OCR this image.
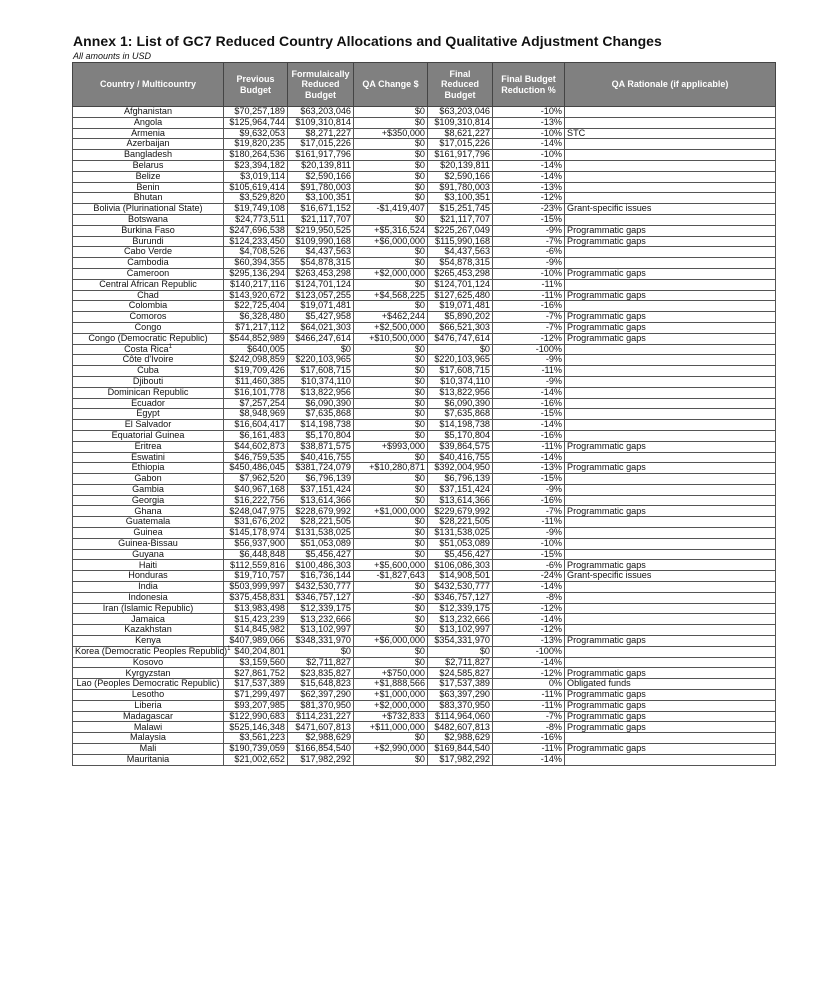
Annex 1: List of GC7 Reduced Country Allocations and Qualitative Adjustment Changes
All amounts in USD
Country / Multicountry	Previous Budget	Formulaically Reduced Budget	QA Change $	Final Reduced Budget	Final Budget Reduction %	QA Rationale (if applicable)
Afghanistan	$70,257,189	$63,203,046	$0	$63,203,046	-10%	
Angola	$125,964,744	$109,310,814	$0	$109,310,814	-13%	
Armenia	$9,632,053	$8,271,227	+$350,000	$8,621,227	-10%	STC
Azerbaijan	$19,820,235	$17,015,226	$0	$17,015,226	-14%	
Bangladesh	$180,264,536	$161,917,796	$0	$161,917,796	-10%	
Belarus	$23,394,182	$20,139,811	$0	$20,139,811	-14%	
Belize	$3,019,114	$2,590,166	$0	$2,590,166	-14%	
Benin	$105,619,414	$91,780,003	$0	$91,780,003	-13%	
Bhutan	$3,529,820	$3,100,351	$0	$3,100,351	-12%	
Bolivia (Plurinational State)	$19,749,108	$16,671,152	-$1,419,407	$15,251,745	-23%	Grant-specific issues
Botswana	$24,773,511	$21,117,707	$0	$21,117,707	-15%	
Burkina Faso	$247,696,538	$219,950,525	+$5,316,524	$225,267,049	-9%	Programmatic gaps
Burundi	$124,233,450	$109,990,168	+$6,000,000	$115,990,168	-7%	Programmatic gaps
Cabo Verde	$4,708,526	$4,437,563	$0	$4,437,563	-6%	
Cambodia	$60,394,355	$54,878,315	$0	$54,878,315	-9%	
Cameroon	$295,136,294	$263,453,298	+$2,000,000	$265,453,298	-10%	Programmatic gaps
Central African Republic	$140,217,116	$124,701,124	$0	$124,701,124	-11%	
Chad	$143,920,672	$123,057,255	+$4,568,225	$127,625,480	-11%	Programmatic gaps
Colombia	$22,725,404	$19,071,481	$0	$19,071,481	-16%	
Comoros	$6,328,480	$5,427,958	+$462,244	$5,890,202	-7%	Programmatic gaps
Congo	$71,217,112	$64,021,303	+$2,500,000	$66,521,303	-7%	Programmatic gaps
Congo (Democratic Republic)	$544,852,989	$466,247,614	+$10,500,000	$476,747,614	-12%	Programmatic gaps
Costa Rica$^1$	$640,005	$0	$0	$0	-100%	
Côte d'Ivoire	$242,098,859	$220,103,965	$0	$220,103,965	-9%	
Cuba	$19,709,426	$17,608,715	$0	$17,608,715	-11%	
Djibouti	$11,460,385	$10,374,110	$0	$10,374,110	-9%	
Dominican Republic	$16,101,778	$13,822,956	$0	$13,822,956	-14%	
Ecuador	$7,257,254	$6,090,390	$0	$6,090,390	-16%	
Egypt	$8,948,969	$7,635,868	$0	$7,635,868	-15%	
El Salvador	$16,604,417	$14,198,738	$0	$14,198,738	-14%	
Equatorial Guinea	$6,161,483	$5,170,804	$0	$5,170,804	-16%	
Eritrea	$44,602,873	$38,871,575	+$993,000	$39,864,575	-11%	Programmatic gaps
Eswatini	$46,759,535	$40,416,755	$0	$40,416,755	-14%	
Ethiopia	$450,486,045	$381,724,079	+$10,280,871	$392,004,950	-13%	Programmatic gaps
Gabon	$7,962,520	$6,796,139	$0	$6,796,139	-15%	
Gambia	$40,967,168	$37,151,424	$0	$37,151,424	-9%	
Georgia	$16,222,756	$13,614,366	$0	$13,614,366	-16%	
Ghana	$248,047,975	$228,679,992	+$1,000,000	$229,679,992	-7%	Programmatic gaps
Guatemala	$31,676,202	$28,221,505	$0	$28,221,505	-11%	
Guinea	$145,178,974	$131,538,025	$0	$131,538,025	-9%	
Guinea-Bissau	$56,937,900	$51,053,089	$0	$51,053,089	-10%	
Guyana	$6,448,848	$5,456,427	$0	$5,456,427	-15%	
Haiti	$112,559,816	$100,486,303	+$5,600,000	$106,086,303	-6%	Programmatic gaps
Honduras	$19,710,757	$16,736,144	-$1,827,643	$14,908,501	-24%	Grant-specific issues
India	$503,999,997	$432,530,777	$0	$432,530,777	-14%	
Indonesia	$375,458,831	$346,757,127	-$0	$346,757,127	-8%	
Iran (Islamic Republic)	$13,983,498	$12,339,175	$0	$12,339,175	-12%	
Jamaica	$15,423,239	$13,232,666	$0	$13,232,666	-14%	
Kazakhstan	$14,845,982	$13,102,997	$0	$13,102,997	-12%	
Kenya	$407,989,066	$348,331,970	+$6,000,000	$354,331,970	-13%	Programmatic gaps
Korea (Democratic Peoples Republic)$^1$	$40,204,801	$0	$0	$0	-100%	
Kosovo	$3,159,560	$2,711,827	$0	$2,711,827	-14%	
Kyrgyzstan	$27,861,752	$23,835,827	+$750,000	$24,585,827	-12%	Programmatic gaps
Lao (Peoples Democratic Republic)	$17,537,389	$15,648,823	+$1,888,566	$17,537,389	0%	Obligated funds
Lesotho	$71,299,497	$62,397,290	+$1,000,000	$63,397,290	-11%	Programmatic gaps
Liberia	$93,207,985	$81,370,950	+$2,000,000	$83,370,950	-11%	Programmatic gaps
Madagascar	$122,990,683	$114,231,227	+$732,833	$114,964,060	-7%	Programmatic gaps
Malawi	$525,146,348	$471,607,813	+$11,000,000	$482,607,813	-8%	Programmatic gaps
Malaysia	$3,561,223	$2,988,629	$0	$2,988,629	-16%	
Mali	$190,739,059	$166,854,540	+$2,990,000	$169,844,540	-11%	Programmatic gaps
Mauritania	$21,002,652	$17,982,292	$0	$17,982,292	-14%	
